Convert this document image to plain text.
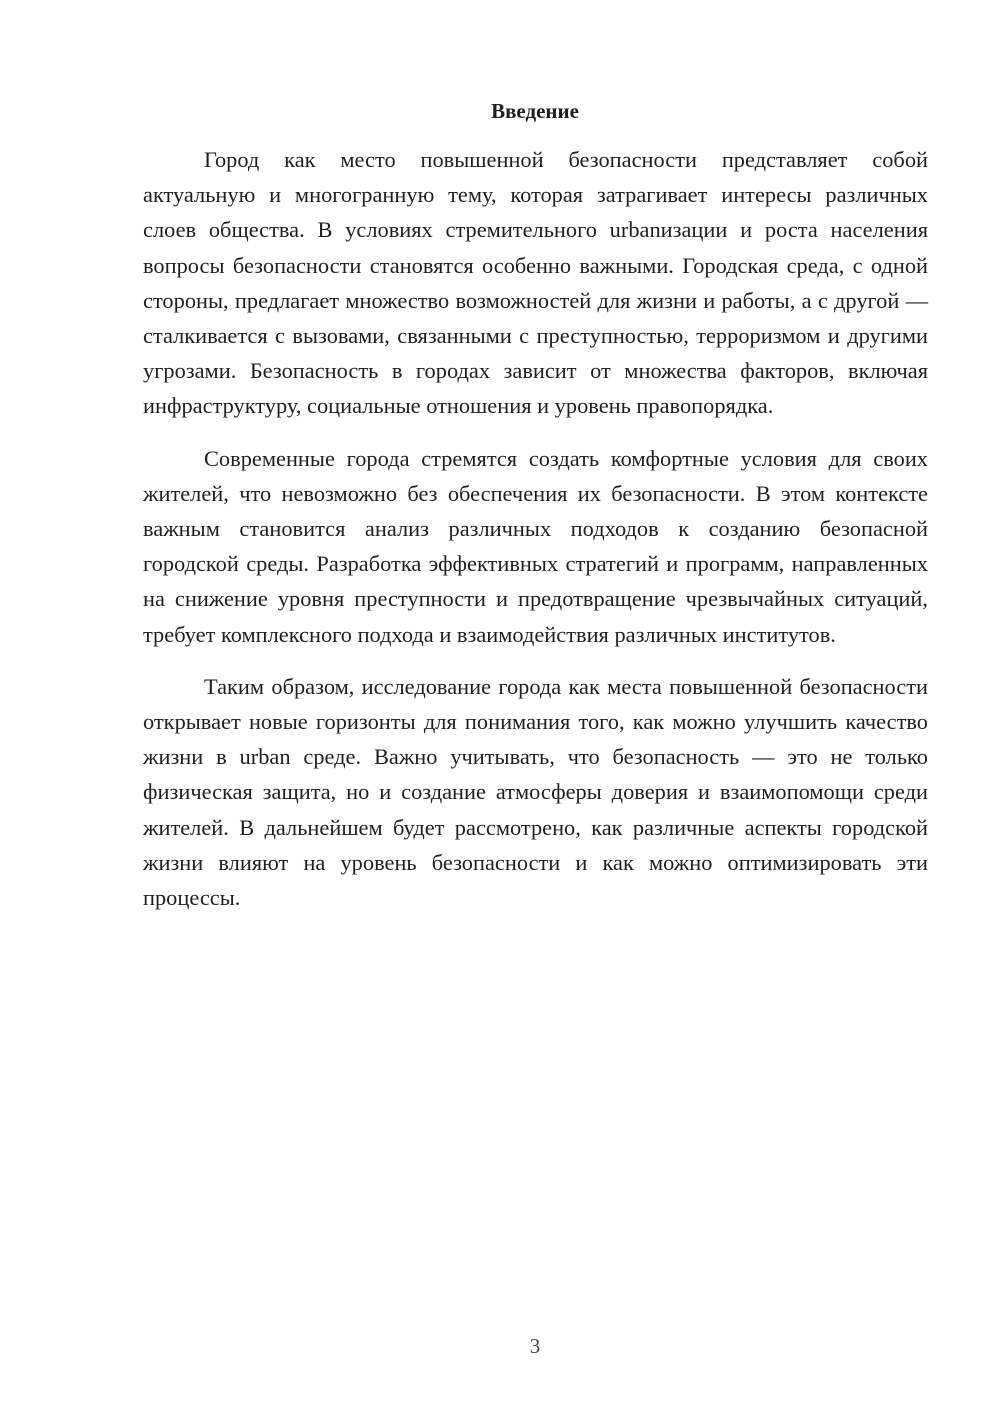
Введение

Город как место повышенной безопасности представляет собой актуальную и многогранную тему, которая затрагивает интересы различных слоев общества. В условиях стремительного urbanизации и роста населения вопросы безопасности становятся особенно важными. Городская среда, с одной стороны, предлагает множество возможностей для жизни и работы, а с другой — сталкивается с вызовами, связанными с преступностью, терроризмом и другими угрозами. Безопасность в городах зависит от множества факторов, включая инфраструктуру, социальные отношения и уровень правопорядка.

Современные города стремятся создать комфортные условия для своих жителей, что невозможно без обеспечения их безопасности. В этом контексте важным становится анализ различных подходов к созданию безопасной городской среды. Разработка эффективных стратегий и программ, направленных на снижение уровня преступности и предотвращение чрезвычайных ситуаций, требует комплексного подхода и взаимодействия различных институтов.

Таким образом, исследование города как места повышенной безопасности открывает новые горизонты для понимания того, как можно улучшить качество жизни в urban среде. Важно учитывать, что безопасность — это не только физическая защита, но и создание атмосферы доверия и взаимопомощи среди жителей. В дальнейшем будет рассмотрено, как различные аспекты городской жизни влияют на уровень безопасности и как можно оптимизировать эти процессы.

3
